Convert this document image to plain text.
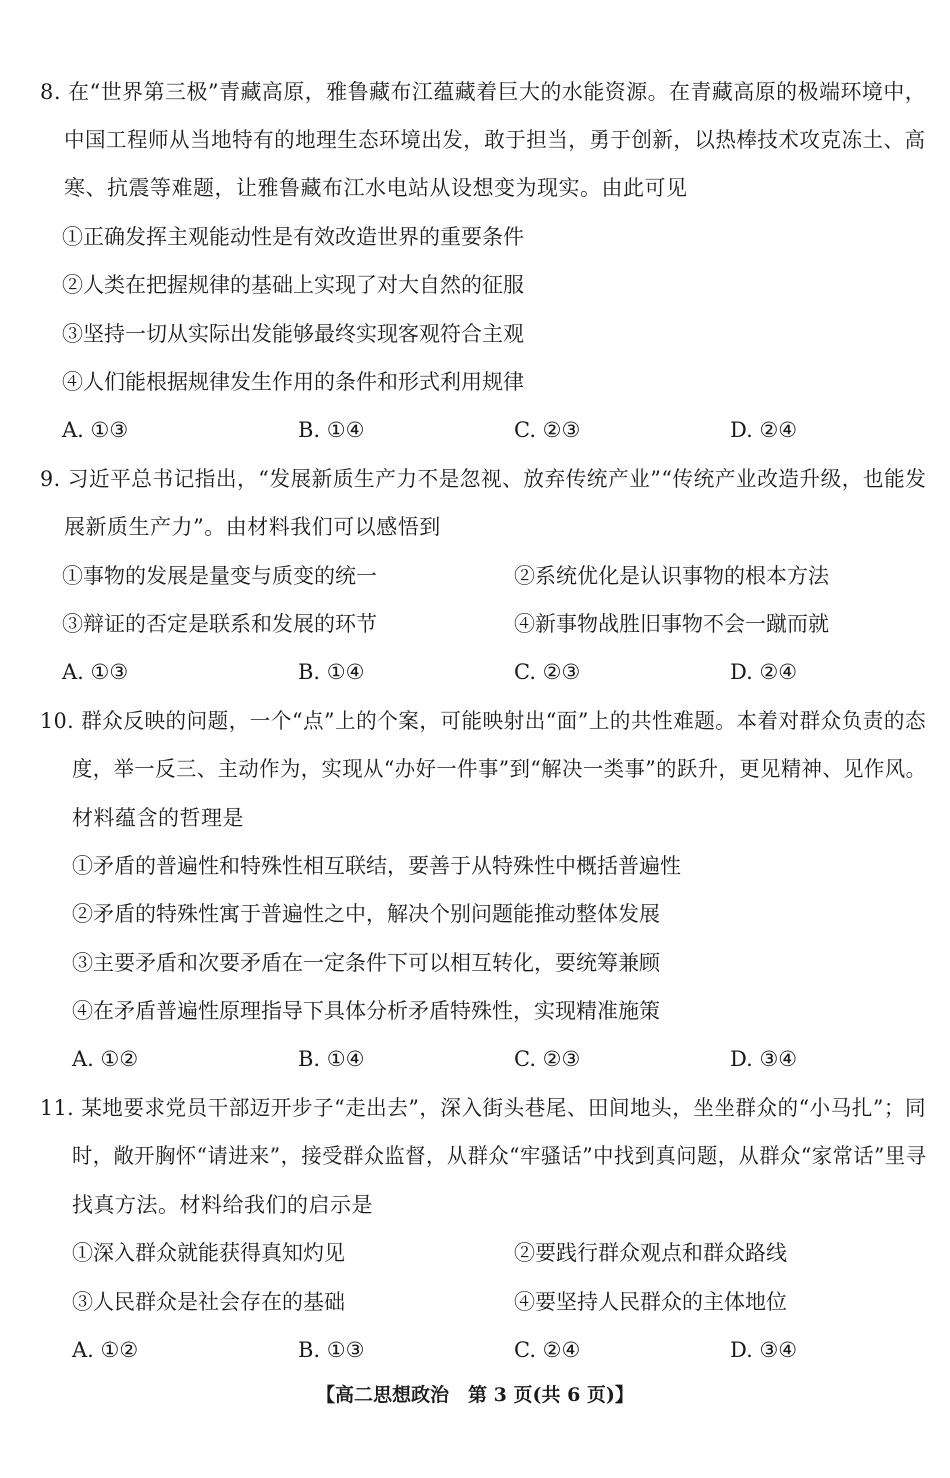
8. 在“世界第三极”青藏高原，雅鲁藏布江蕴藏着巨大的水能资源。在青藏高原的极端环境中，
中国工程师从当地特有的地理生态环境出发，敢于担当，勇于创新，以热棒技术攻克冻土、高
寒、抗震等难题，让雅鲁藏布江水电站从设想变为现实。由此可见
①正确发挥主观能动性是有效改造世界的重要条件
②人类在把握规律的基础上实现了对大自然的征服
③坚持一切从实际出发能够最终实现客观符合主观
④人们能根据规律发生作用的条件和形式利用规律
A. ①③	B. ①④	C. ②③	D. ②④
9. 习近平总书记指出，“发展新质生产力不是忽视、放弃传统产业”“传统产业改造升级，也能发
展新质生产力”。由材料我们可以感悟到
①事物的发展是量变与质变的统一	②系统优化是认识事物的根本方法
③辩证的否定是联系和发展的环节	④新事物战胜旧事物不会一蹴而就
A. ①③	B. ①④	C. ②③	D. ②④
10. 群众反映的问题，一个“点”上的个案，可能映射出“面”上的共性难题。本着对群众负责的态
度，举一反三、主动作为，实现从“办好一件事”到“解决一类事”的跃升，更见精神、见作风。
材料蕴含的哲理是
①矛盾的普遍性和特殊性相互联结，要善于从特殊性中概括普遍性
②矛盾的特殊性寓于普遍性之中，解决个别问题能推动整体发展
③主要矛盾和次要矛盾在一定条件下可以相互转化，要统筹兼顾
④在矛盾普遍性原理指导下具体分析矛盾特殊性，实现精准施策
A. ①②	B. ①④	C. ②③	D. ③④
11. 某地要求党员干部迈开步子“走出去”，深入街头巷尾、田间地头，坐坐群众的“小马扎”；同
时，敞开胸怀“请进来”，接受群众监督，从群众“牢骚话”中找到真问题，从群众“家常话”里寻
找真方法。材料给我们的启示是
①深入群众就能获得真知灼见	②要践行群众观点和群众路线
③人民群众是社会存在的基础	④要坚持人民群众的主体地位
A. ①②	B. ①③	C. ②④	D. ③④
【高二思想政治　第 3 页(共 6 页)】
